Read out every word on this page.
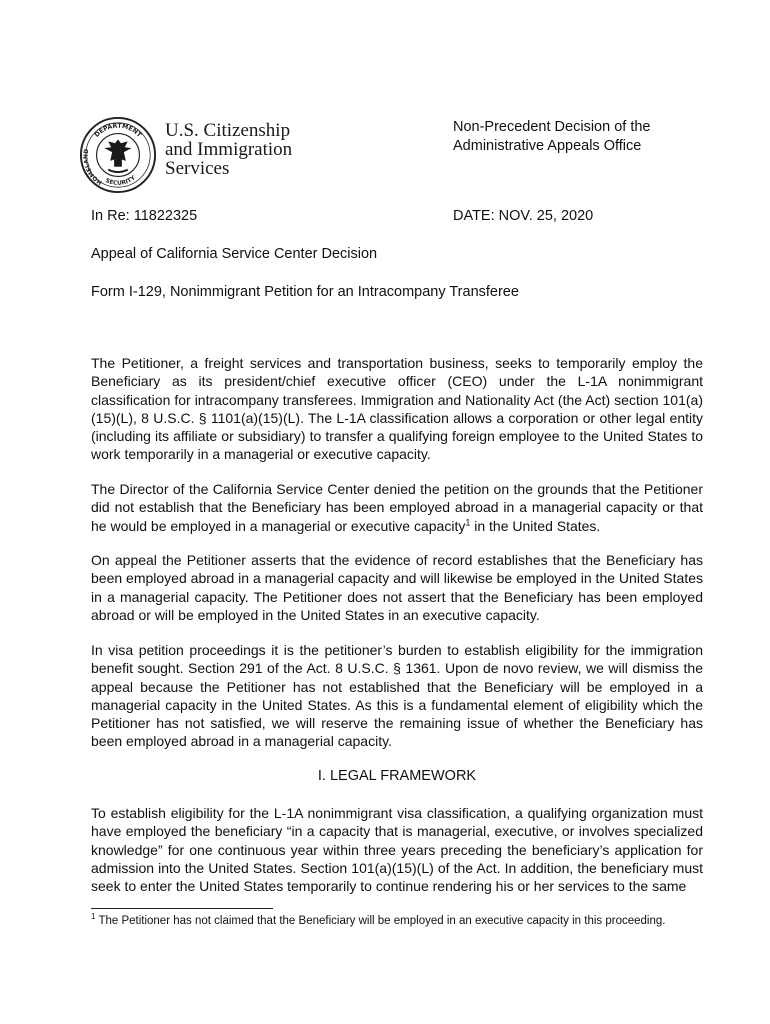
DEPARTMENT
HOMELAND
SECURITY
U.S. Citizenship
and Immigration
Services
Non-Precedent Decision of the
Administrative Appeals Office
In Re: 11822325	DATE: NOV. 25, 2020
Appeal of California Service Center Decision
Form I-129, Nonimmigrant Petition for an Intracompany Transferee
The Petitioner, a freight services and transportation business, seeks to temporarily employ the Beneficiary as its president/chief executive officer (CEO) under the L-1A nonimmigrant classification for intracompany transferees. Immigration and Nationality Act (the Act) section 101(a)(15)(L), 8 U.S.C. § 1101(a)(15)(L). The L-1A classification allows a corporation or other legal entity (including its affiliate or subsidiary) to transfer a qualifying foreign employee to the United States to work temporarily in a managerial or executive capacity.
The Director of the California Service Center denied the petition on the grounds that the Petitioner did not establish that the Beneficiary has been employed abroad in a managerial capacity or that he would be employed in a managerial or executive capacity$^1$ in the United States.
On appeal the Petitioner asserts that the evidence of record establishes that the Beneficiary has been employed abroad in a managerial capacity and will likewise be employed in the United States in a managerial capacity. The Petitioner does not assert that the Beneficiary has been employed abroad or will be employed in the United States in an executive capacity.
In visa petition proceedings it is the petitioner’s burden to establish eligibility for the immigration benefit sought. Section 291 of the Act. 8 U.S.C. § 1361. Upon de novo review, we will dismiss the appeal because the Petitioner has not established that the Beneficiary will be employed in a managerial capacity in the United States. As this is a fundamental element of eligibility which the Petitioner has not satisfied, we will reserve the remaining issue of whether the Beneficiary has been employed abroad in a managerial capacity.
I. LEGAL FRAMEWORK
To establish eligibility for the L-1A nonimmigrant visa classification, a qualifying organization must have employed the beneficiary “in a capacity that is managerial, executive, or involves specialized knowledge” for one continuous year within three years preceding the beneficiary’s application for admission into the United States. Section 101(a)(15)(L) of the Act. In addition, the beneficiary must seek to enter the United States temporarily to continue rendering his or her services to the same
$^1$ The Petitioner has not claimed that the Beneficiary will be employed in an executive capacity in this proceeding.
